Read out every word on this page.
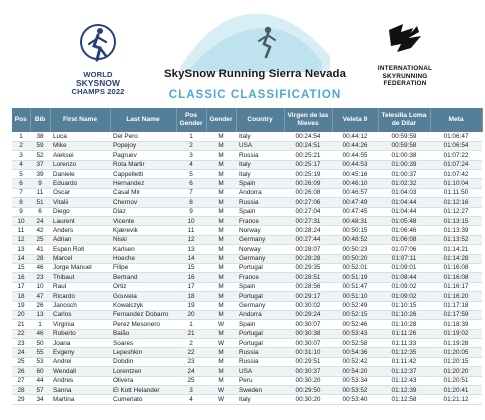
WORLD
SKYSNOW
CHAMPS 2022
SkySnow Running Sierra Nevada
CLASSIC CLASSIFICATION
INTERNATIONAL
SKYRUNNING
FEDERATION
Pos	Bib	First Name	Last Name	Pos Gender	Gender	Country	Virgen de las Nieves	Veleta 9	Telesilla Loma de Dilar	Meta
1	38	Luca	Del Pero	1	M	Italy	00:24:54	00:44:12	00:59:59	01:06:47
2	59	Mike	Popejoy	2	M	USA	00:24:51	00:44:26	00:59:58	01:06:54
3	52	Aleksei	Pagruev	3	M	Russia	00:25:21	00:44:55	01:00:38	01:07:22
4	37	Lorenzo	Rota Martir	4	M	Italy	00:25:17	00:44:53	01:00:39	01:07:24
5	39	Daniele	Cappelletti	5	M	Italy	00:25:19	00:45:16	01:00:37	01:07:42
6	9	Eduardo	Hernandez	6	M	Spain	00:26:09	00:46:10	01:02:32	01:10:04
7	11	Oscar	Casal Mir	7	M	Andorra	00:26:08	00:46:57	01:04:03	01:11:50
8	51	Vitalii	Chernov	8	M	Russia	00:27:06	00:47:49	01:04:44	01:12:16
9	6	Diego	Diaz	9	M	Spain	00:27:04	00:47:45	01:04:44	01:12:27
10	24	Laurent	Vicente	10	M	France	00:27:31	00:48:31	01:05:48	01:13:15
11	42	Anders	Kjærevik	11	M	Norway	00:28:24	00:50:15	01:06:46	01:13:39
12	25	Adrian	Niski	12	M	Germany	00:27:44	00:48:52	01:06:08	01:13:52
13	41	Espen Roll	Karlsen	13	M	Norway	00:28:07	00:50:23	01:07:06	01:14:21
14	28	Marcel	Hoeche	14	M	Germany	00:28:28	00:50:20	01:07:11	01:14:28
15	46	Jorge Manuel	Filipe	15	M	Portugal	00:29:35	00:52:01	01:09:01	01:16:08
16	23	Thibaut	Bertrand	16	M	France	00:28:51	00:51:19	01:08:44	01:16:08
17	10	Raul	Ortiz	17	M	Spain	00:28:56	00:51:47	01:09:02	01:16:17
18	47	Ricardo	Gouveia	18	M	Portugal	00:29:17	00:51:10	01:09:02	01:16:20
19	26	Janosch	Kowalczyk	19	M	Germany	00:30:02	00:52:49	01:10:15	01:17:18
20	13	Carlos	Fernandez Dobarro	20	M	Andorra	00:29:24	00:52:15	01:10:26	01:17:59
21	1	Virginia	Perez Mesonero	1	W	Spain	00:30:07	00:52:46	01:10:28	01:18:39
22	46	Roberto	Balão	21	M	Portugal	00:30:38	00:53:43	01:11:26	01:19:02
23	50	Joana	Soares	2	W	Portugal	00:30:07	00:52:58	01:11:33	01:19:28
24	55	Evgeny	Lepeshkin	22	M	Russia	00:31:10	00:54:36	01:12:35	01:20:05
25	53	Andrei	Dobdin	23	M	Russia	00:29:51	00:52:42	01:11:42	01:20:15
26	60	Wendall	Lorentzen	24	M	USA	00:30:37	00:54:20	01:12:37	01:20:20
27	44	Andres	Olivera	25	M	Peru	00:30:20	00:53:34	01:12:43	01:20:51
28	57	Sanna	El Kott Helander	3	W	Sweden	00:29:50	00:53:52	01:12:39	01:20:41
29	34	Martina	Cumerlato	4	W	Italy	00:30:20	00:53:40	01:12:58	01:21:12
